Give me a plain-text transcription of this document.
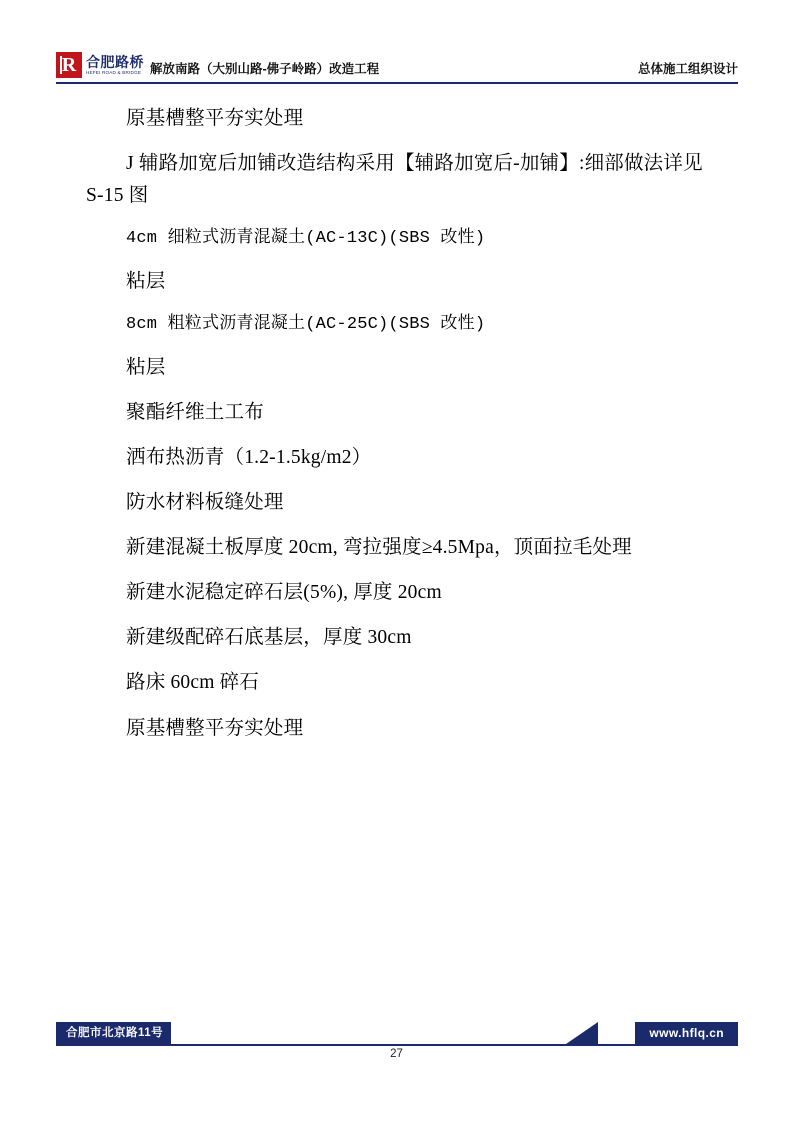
R 合肥路桥
HEFEI ROAD & BRIDGE 解放南路（大别山路-佛子岭路）改造工程	总体施工组织设计

原基槽整平夯实处理

J 辅路加宽后加铺改造结构采用【辅路加宽后-加铺】:细部做法详见 S-15 图

4cm 细粒式沥青混凝土(AC-13C)(SBS 改性)

粘层

8cm 粗粒式沥青混凝土(AC-25C)(SBS 改性)

粘层

聚酯纤维土工布

洒布热沥青（1.2-1.5kg/m2）

防水材料板缝处理

新建混凝土板厚度 20cm, 弯拉强度≥4.5Mpa，顶面拉毛处理

新建水泥稳定碎石层(5%), 厚度 20cm

新建级配碎石底基层，厚度 30cm

路床 60cm 碎石

原基槽整平夯实处理

合肥市北京路11号	www.hflq.cn
27
